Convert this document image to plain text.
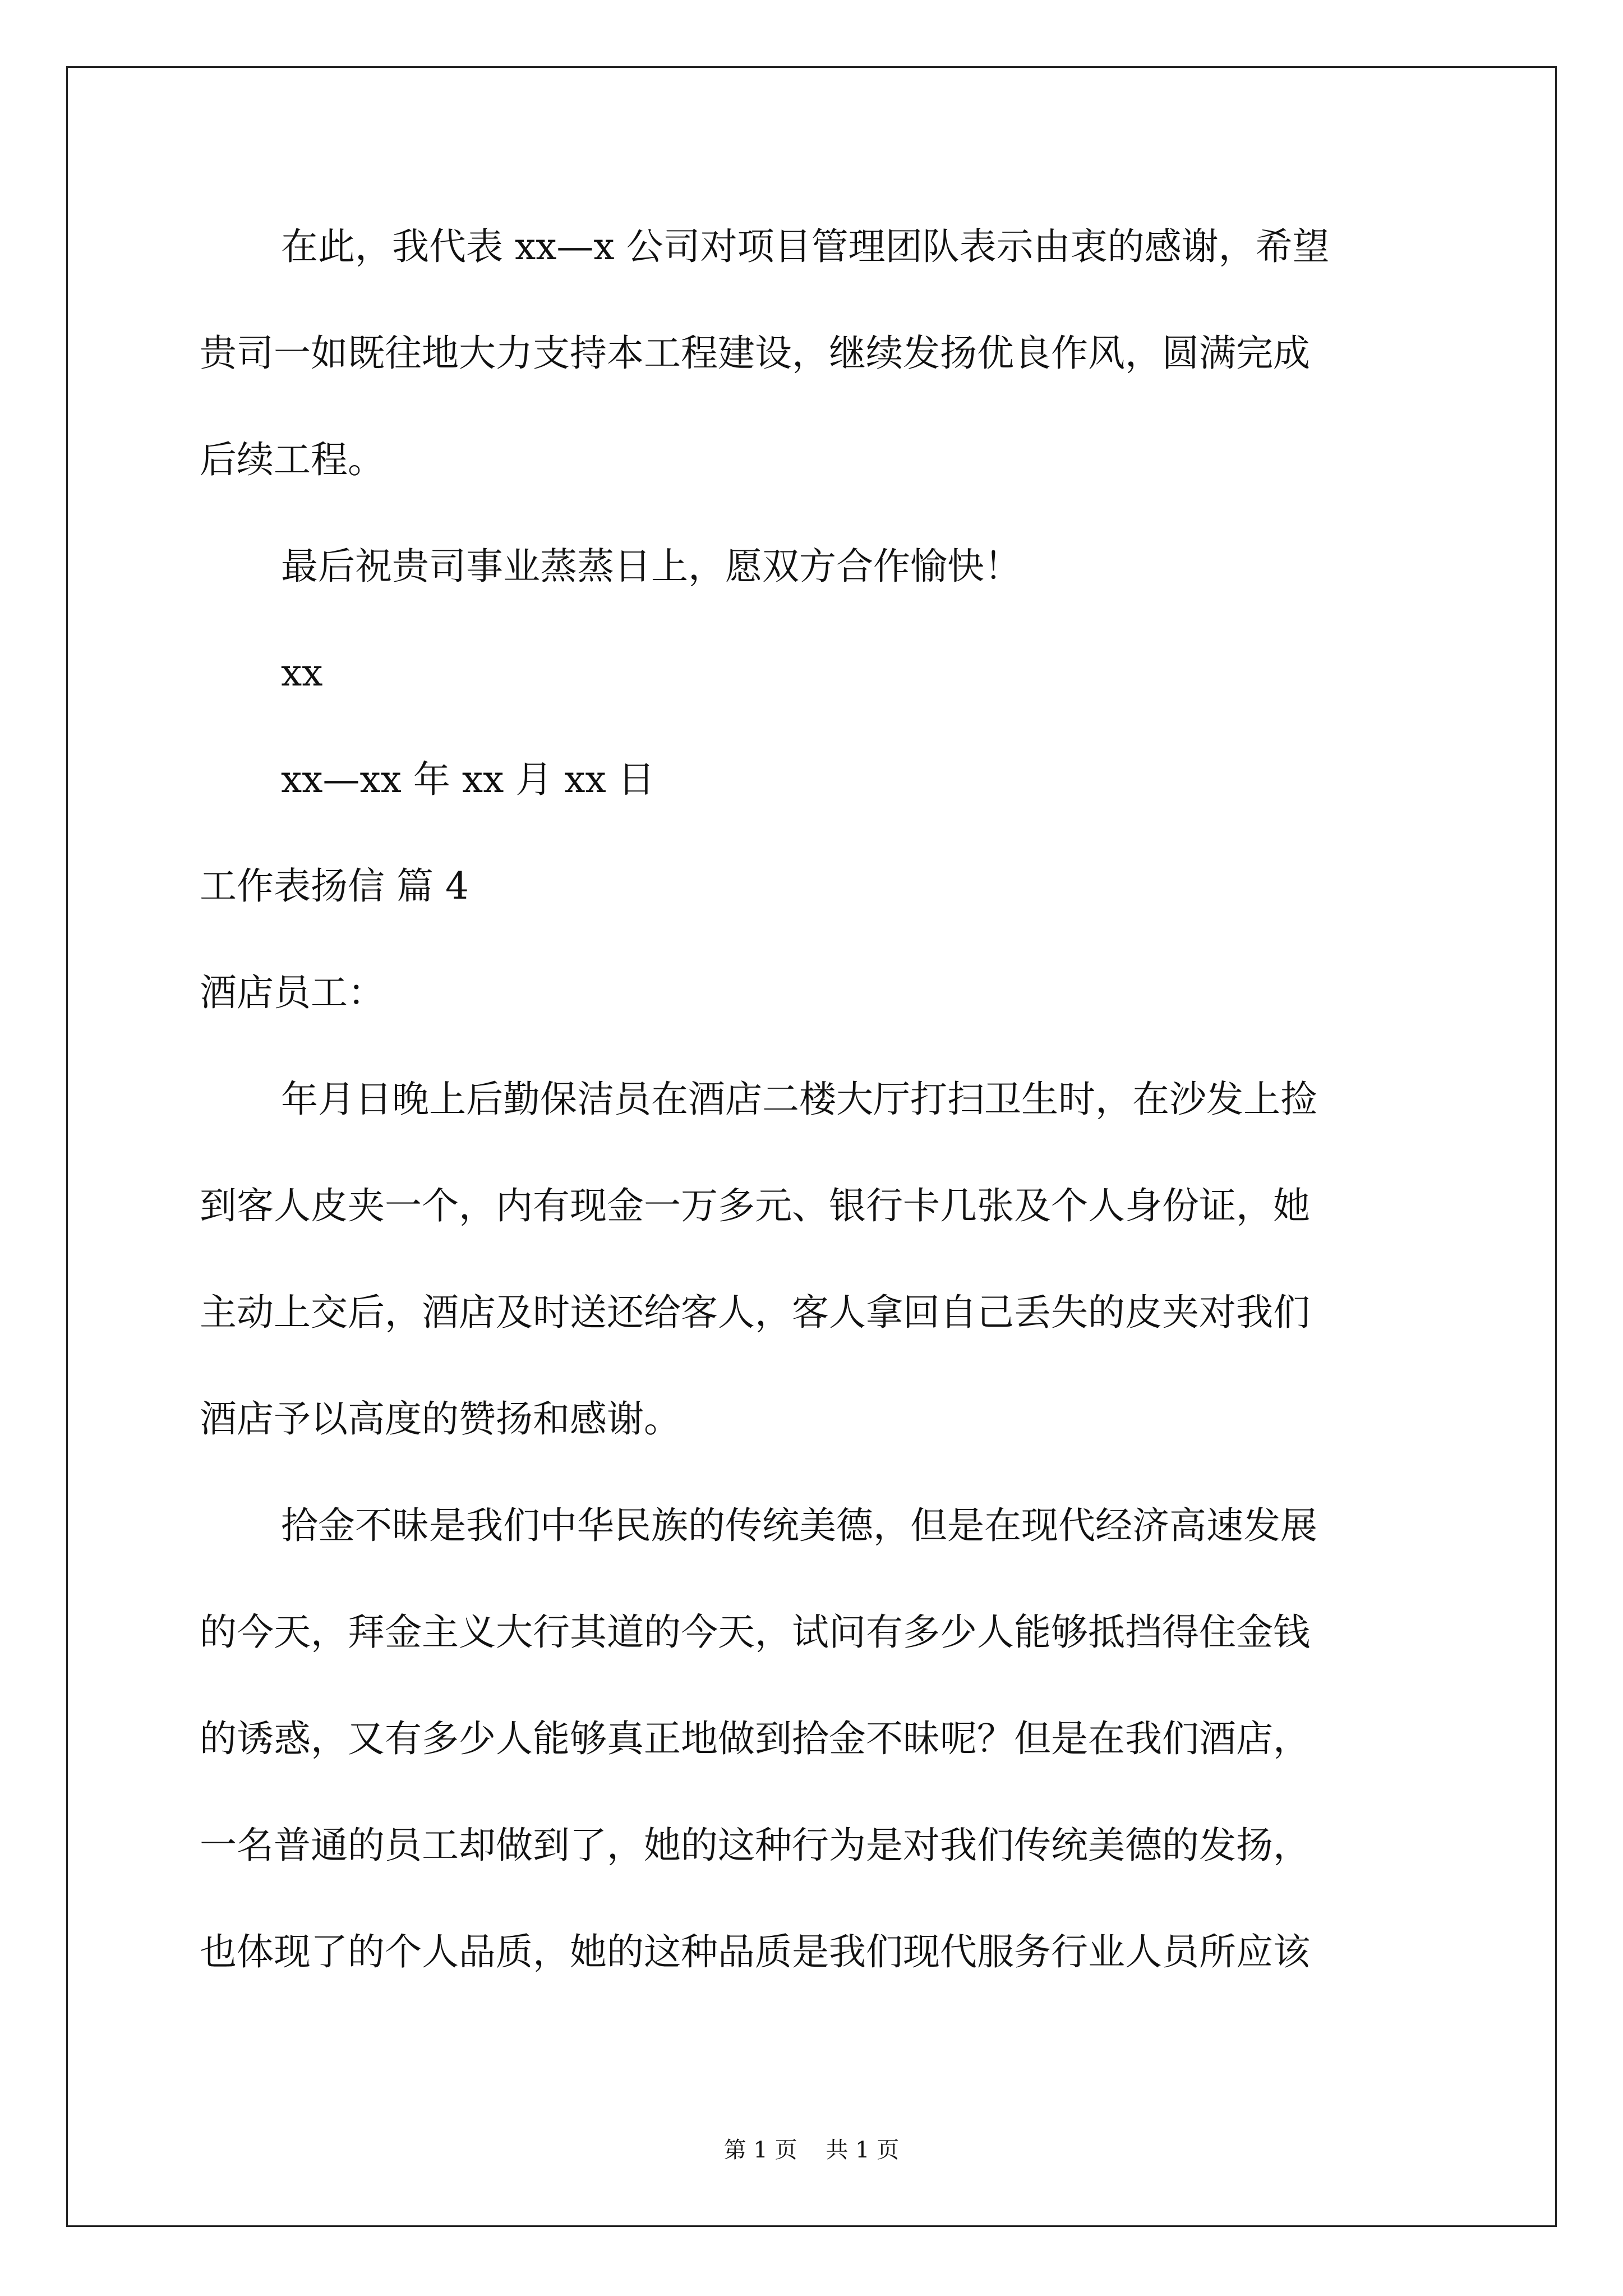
在此，我代表 xx—x 公司对项目管理团队表示由衷的感谢，希望
贵司一如既往地大力支持本工程建设，继续发扬优良作风，圆满完成
后续工程。
最后祝贵司事业蒸蒸日上，愿双方合作愉快！
xx
xx—xx 年 xx 月 xx 日
工作表扬信 篇 4
酒店员工：
年月日晚上后勤保洁员在酒店二楼大厅打扫卫生时，在沙发上捡
到客人皮夹一个，内有现金一万多元、银行卡几张及个人身份证，她
主动上交后，酒店及时送还给客人，客人拿回自己丢失的皮夹对我们
酒店予以高度的赞扬和感谢。
拾金不昧是我们中华民族的传统美德，但是在现代经济高速发展
的今天，拜金主义大行其道的今天，试问有多少人能够抵挡得住金钱
的诱惑，又有多少人能够真正地做到拾金不昧呢？但是在我们酒店，
一名普通的员工却做到了，她的这种行为是对我们传统美德的发扬，
也体现了的个人品质，她的这种品质是我们现代服务行业人员所应该
第 1 页    共 1 页
